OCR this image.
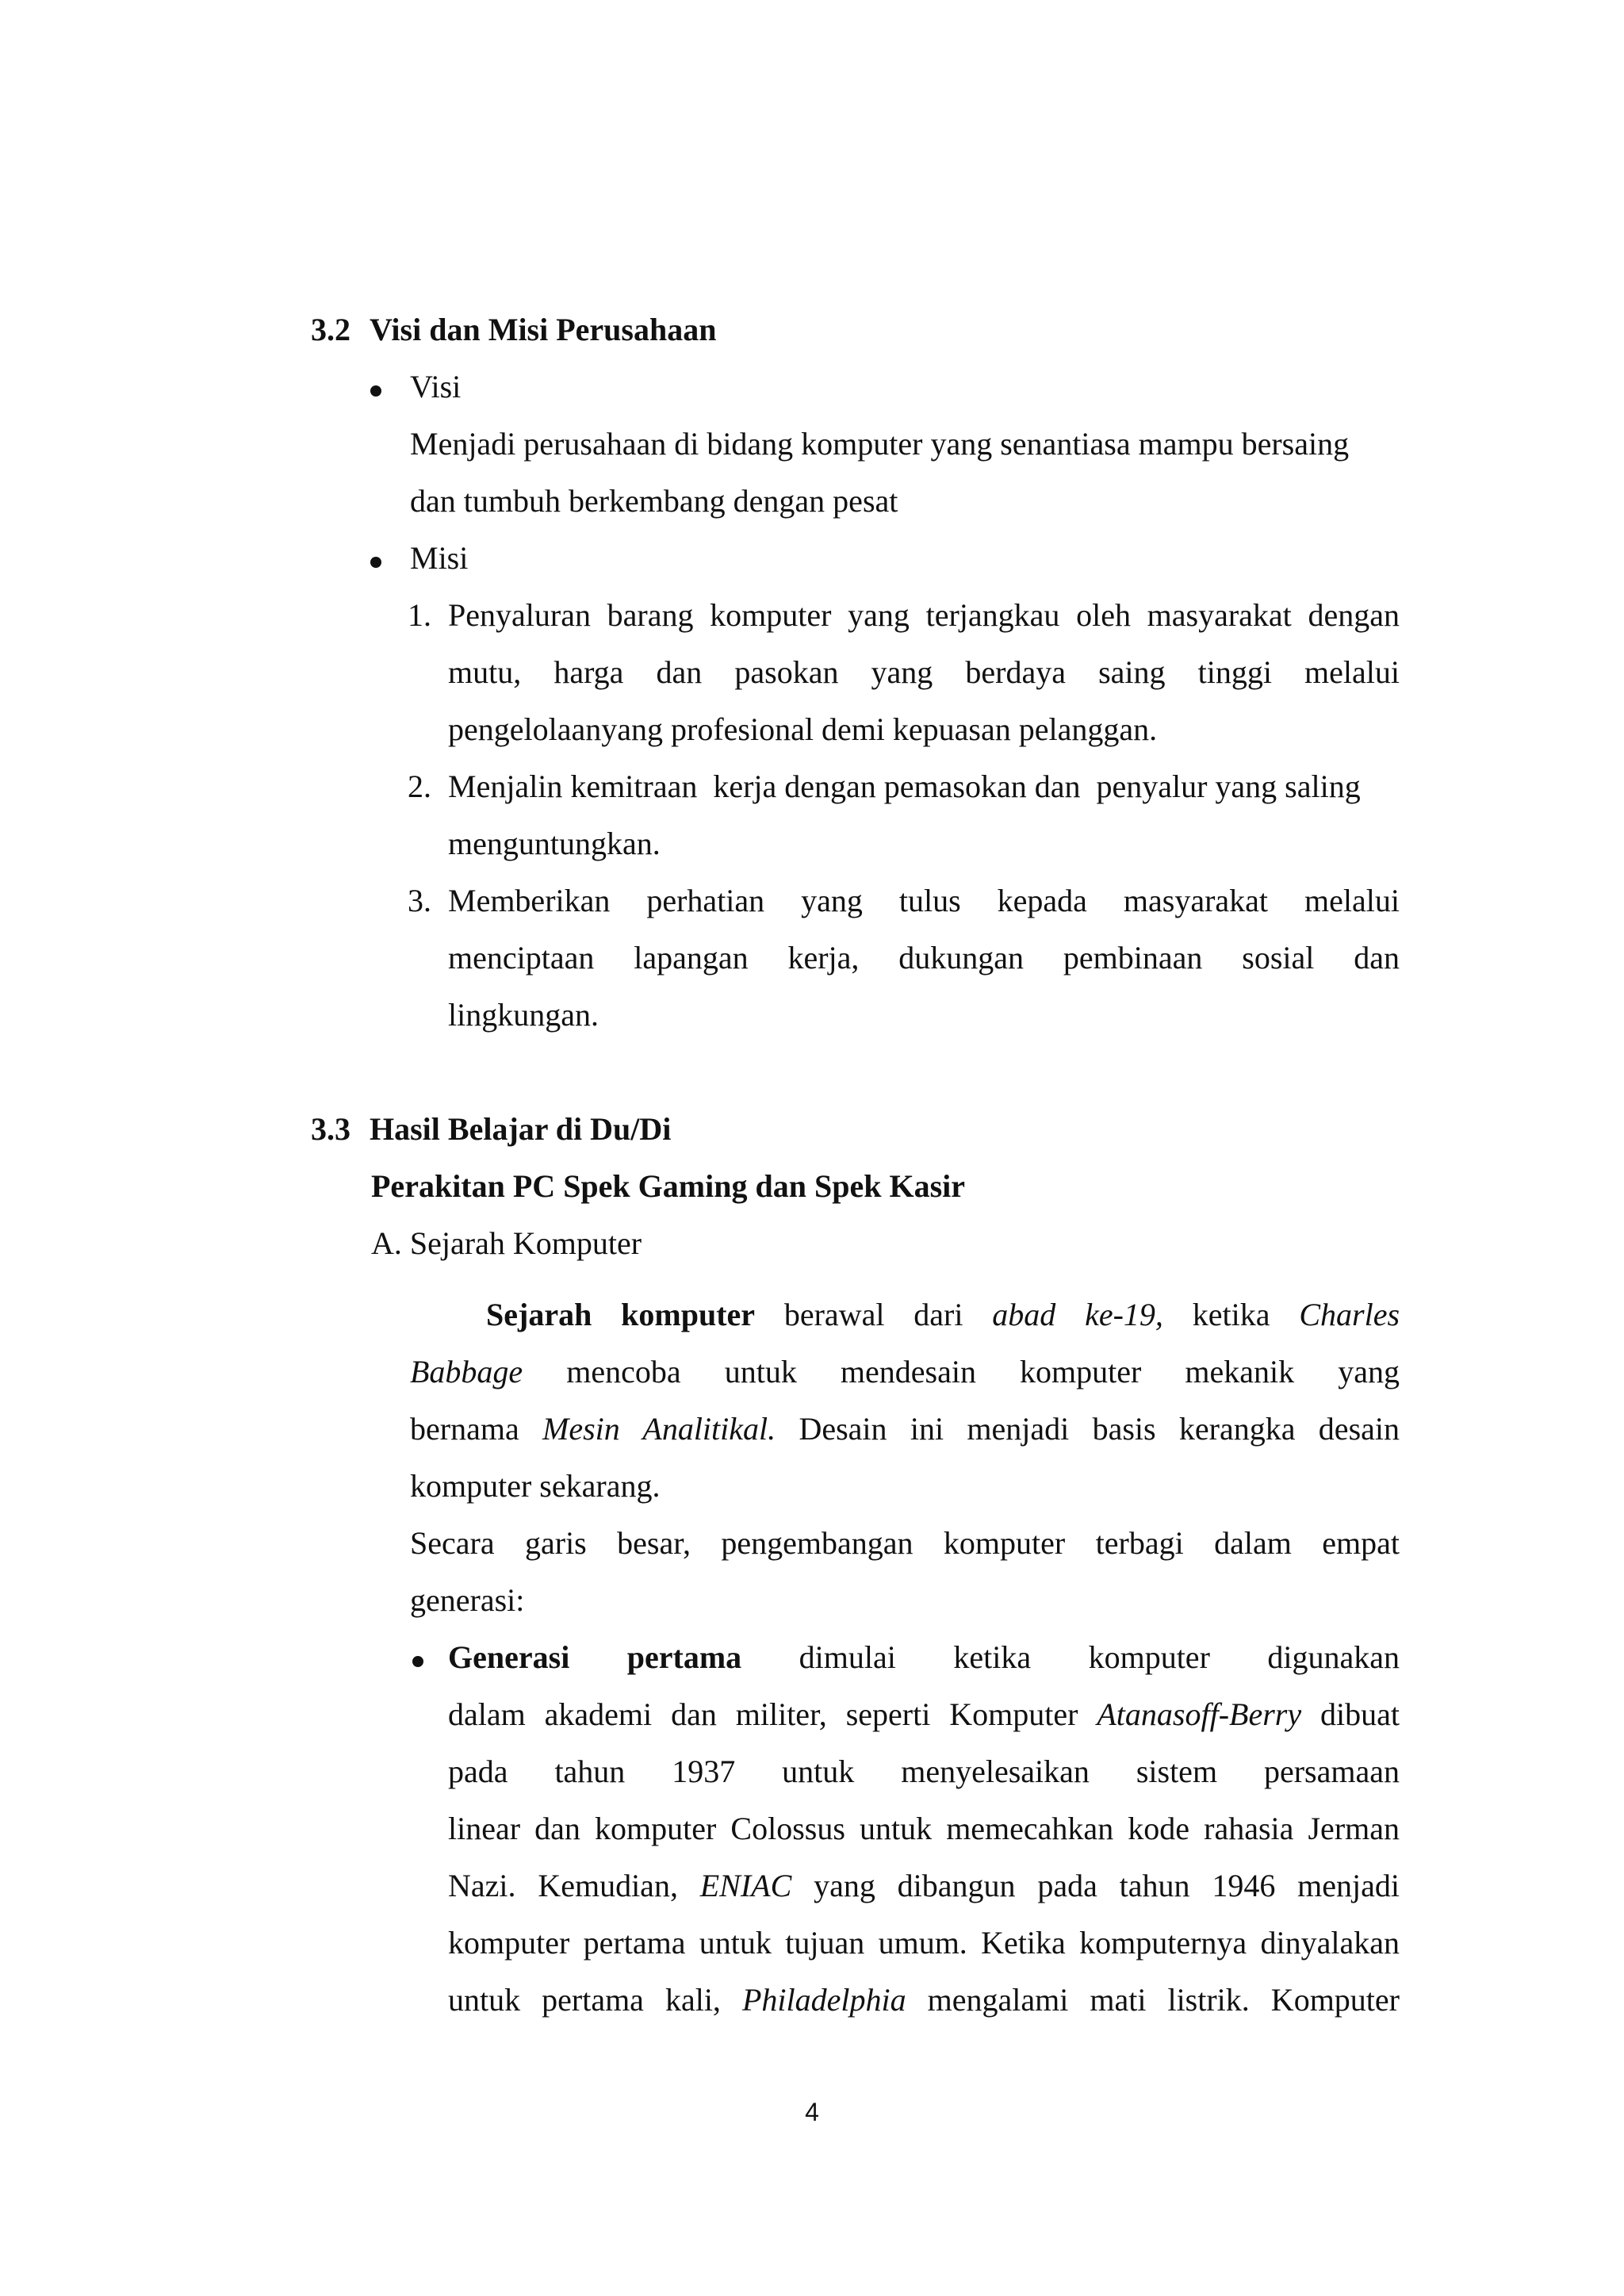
3.2 Visi dan Misi Perusahaan
Visi
Menjadi perusahaan di bidang komputer yang senantiasa mampu bersaing
dan tumbuh berkembang dengan pesat
Misi
1. Penyaluran barang komputer yang terjangkau oleh masyarakat dengan
mutu, harga dan pasokan yang berdaya saing tinggi melalui
pengelolaanyang profesional demi kepuasan pelanggan.
2. Menjalin kemitraan  kerja dengan pemasokan dan  penyalur yang saling
menguntungkan.
3. Memberikan perhatian yang tulus kepada masyarakat melalui
menciptaan lapangan kerja, dukungan pembinaan sosial dan
lingkungan.
3.3 Hasil Belajar di Du/Di
Perakitan PC Spek Gaming dan Spek Kasir
A. Sejarah Komputer
Sejarah komputer berawal dari abad ke-19, ketika Charles
Babbage mencoba untuk mendesain komputer mekanik yang
bernama Mesin Analitikal. Desain ini menjadi basis kerangka desain
komputer sekarang.
Secara garis besar, pengembangan komputer terbagi dalam empat
generasi:
Generasi pertama dimulai ketika komputer digunakan
dalam akademi dan militer, seperti Komputer Atanasoff-Berry dibuat
pada tahun 1937 untuk menyelesaikan sistem persamaan
linear dan komputer Colossus untuk memecahkan kode rahasia Jerman
Nazi. Kemudian, ENIAC yang dibangun pada tahun 1946 menjadi
komputer pertama untuk tujuan umum. Ketika komputernya dinyalakan
untuk pertama kali, Philadelphia mengalami mati listrik. Komputer
4
